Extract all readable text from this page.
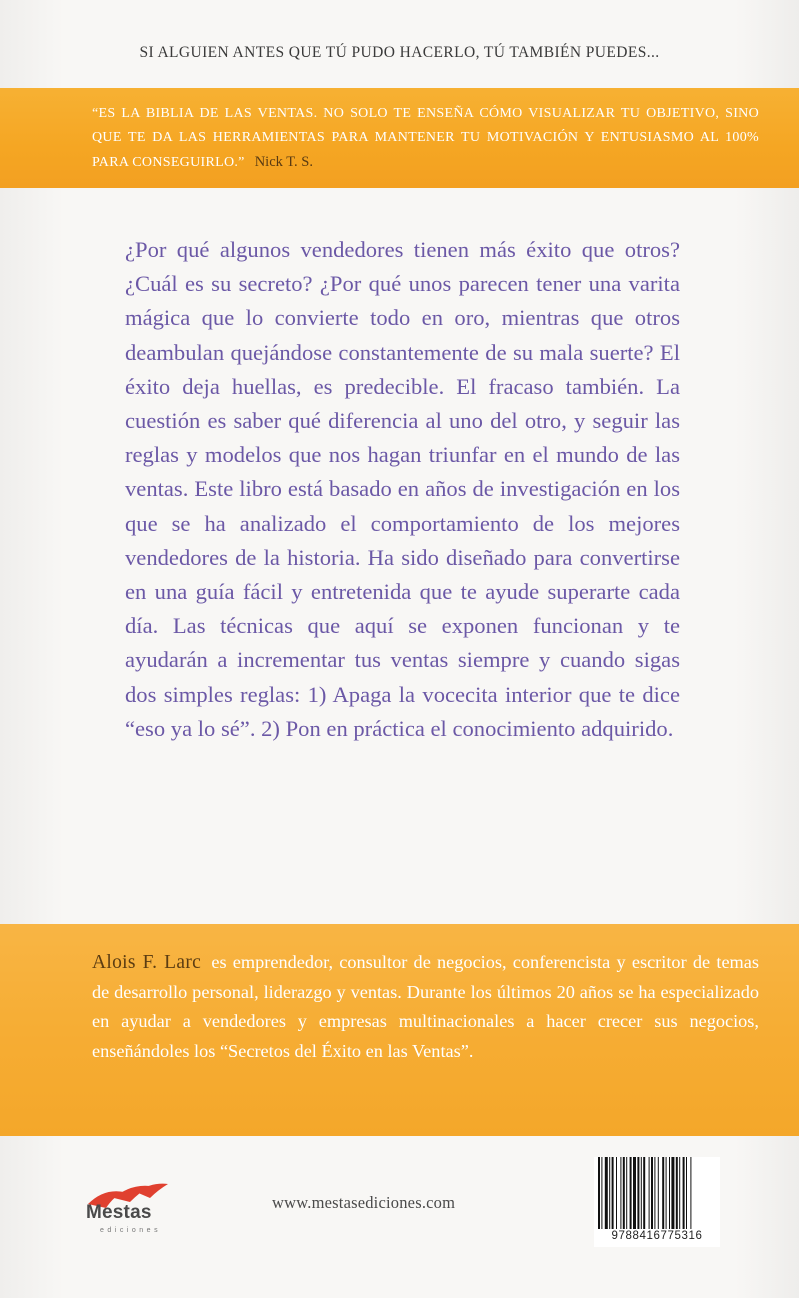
SI ALGUIEN ANTES QUE TÚ PUDO HACERLO, TÚ TAMBIÉN PUEDES...
“ES LA BIBLIA DE LAS VENTAS. NO SOLO TE ENSEÑA CÓMO VISUALIZAR TU OBJETIVO, SINO QUE TE DA LAS HERRAMIENTAS PARA MANTENER TU MOTIVACIÓN Y ENTUSIASMO AL 100% PARA CONSEGUIRLO.” Nick T. S.

¿Por qué algunos vendedores tienen más éxito que otros? ¿Cuál es su secreto? ¿Por qué unos parecen tener una varita mágica que lo convierte todo en oro, mientras que otros deambulan quejándose constantemente de su mala suerte? El éxito deja huellas, es predecible. El fracaso también. La cuestión es saber qué diferencia al uno del otro, y seguir las reglas y modelos que nos hagan triunfar en el mundo de las ventas. Este libro está basado en años de investigación en los que se ha analizado el comportamiento de los mejores vendedores de la historia. Ha sido diseñado para convertirse en una guía fácil y entretenida que te ayude superarte cada día. Las técnicas que aquí se exponen funcionan y te ayudarán a incrementar tus ventas siempre y cuando sigas dos simples reglas: 1) Apaga la vocecita interior que te dice “eso ya lo sé”. 2) Pon en práctica el conocimiento adquirido.

Alois F. Larc es emprendedor, consultor de negocios, conferencista y escritor de temas de desarrollo personal, liderazgo y ventas. Durante los últimos 20 años se ha especializado en ayudar a vendedores y empresas multinacionales a hacer crecer sus negocios, enseñándoles los “Secretos del Éxito en las Ventas”.
Mestas
ediciones
www.mestasediciones.com
9788416775316
